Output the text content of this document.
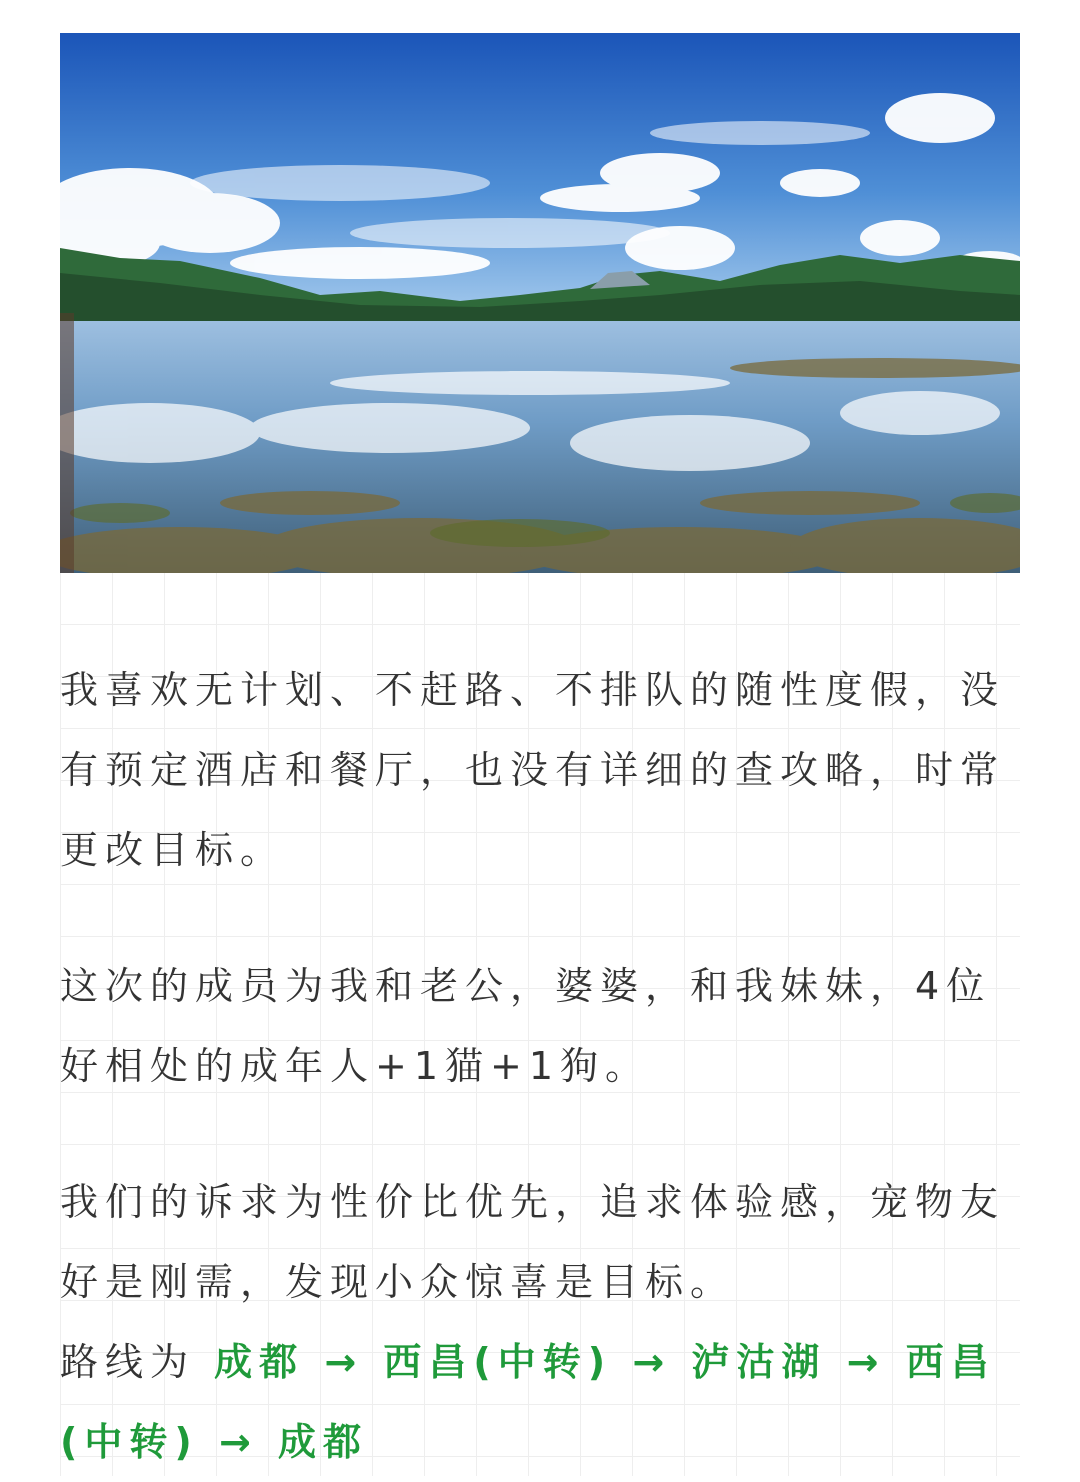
我喜欢无计划、不赶路、不排队的随性度假，没有预定酒店和餐厅，也没有详细的查攻略，时常更改目标。

这次的成员为我和老公，婆婆，和我妹妹，4位好相处的成年人+1猫+1狗。

我们的诉求为性价比优先，追求体验感，宠物友好是刚需，发现小众惊喜是目标。

路线为 成都 → 西昌(中转) → 泸沽湖 → 西昌(中转) → 成都
